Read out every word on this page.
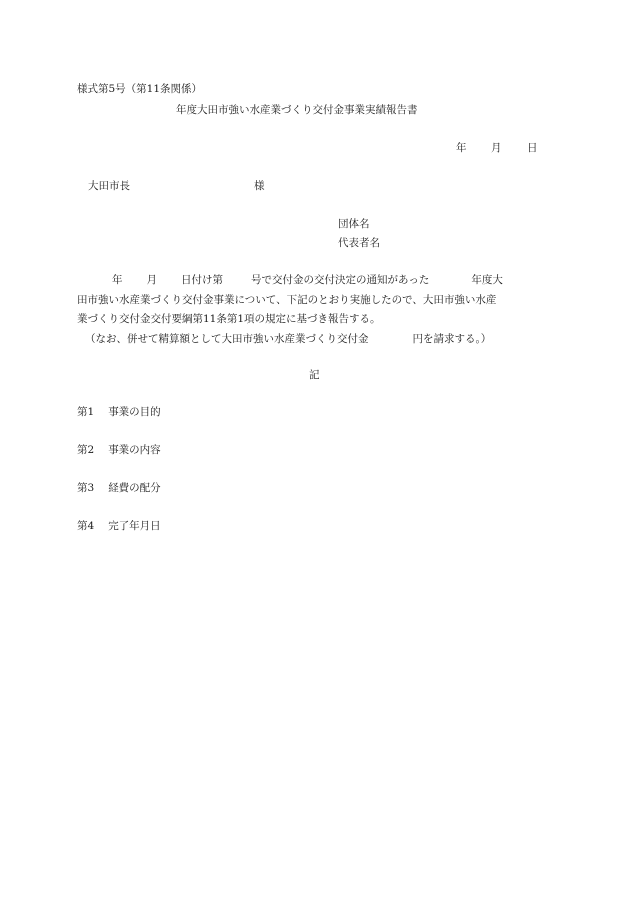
様式第5号（第11条関係）
年度大田市強い水産業づくり交付金事業実績報告書
年 月 日
大田市長	様
団体名
代表者名
年 月 日付け第	号で交付金の交付決定の通知があった	年度大
田市強い水産業づくり交付金事業について、下記のとおり実施したので、大田市強い水産
業づくり交付金交付要綱第11条第1項の規定に基づき報告する。
（なお、併せて精算額として大田市強い水産業づくり交付金	円を請求する。）
記
第1 事業の目的
第2 事業の内容
第3 経費の配分
第4 完了年月日
